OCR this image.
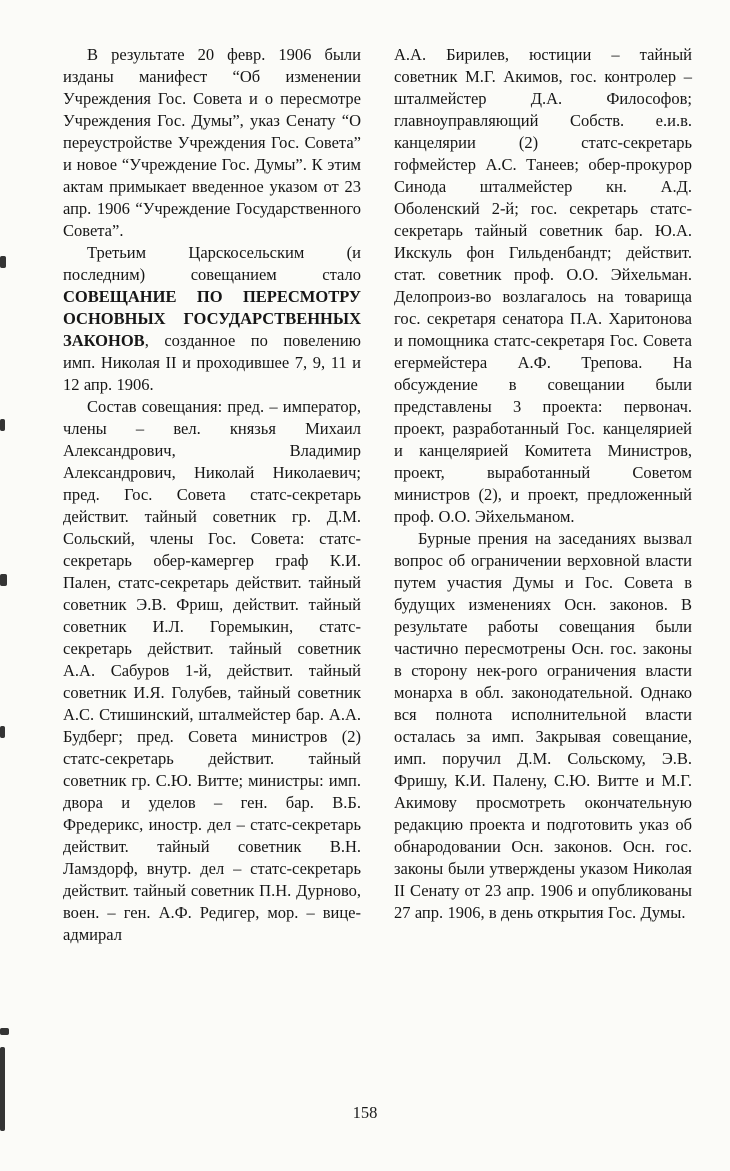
В результате 20 февр. 1906 были изданы манифест “Об изменении Учреждения Гос. Совета и о пересмотре Учреждения Гос. Думы”, указ Сенату “О переустройстве Учреждения Гос. Совета” и новое “Учреждение Гос. Думы”. К этим актам примыкает введенное указом от 23 апр. 1906 “Учреждение Государственного Совета”.

Третьим Царскосельским (и последним) совещанием стало СОВЕЩАНИЕ ПО ПЕРЕСМОТРУ ОСНОВНЫХ ГОСУДАРСТВЕННЫХ ЗАКОНОВ, созданное по повелению имп. Николая II и проходившее 7, 9, 11 и 12 апр. 1906.

Состав совещания: пред. – император, члены – вел. князья Михаил Александрович, Владимир Александрович, Николай Николаевич; пред. Гос. Совета статс-секретарь действит. тайный советник гр. Д.М. Сольский, члены Гос. Совета: статс-секретарь обер-камергер граф К.И. Пален, статс-секретарь действит. тайный советник Э.В. Фриш, действит. тайный советник И.Л. Горемыкин, статс-секретарь действит. тайный советник А.А. Сабуров 1-й, действит. тайный советник И.Я. Голубев, тайный советник А.С. Стишинский, шталмейстер бар. А.А. Будберг; пред. Совета министров (2) статс-секретарь действит. тайный советник гр. С.Ю. Витте; министры: имп. двора и уделов – ген. бар. В.Б. Фредерикс, иностр. дел – статс-секретарь действит. тайный советник В.Н. Ламздорф, внутр. дел – статс-секретарь действит. тайный советник П.Н. Дурново, воен. – ген. А.Ф. Редигер, мор. – вице-адмирал

А.А. Бирилев, юстиции – тайный советник М.Г. Акимов, гос. контролер – шталмейстер Д.А. Философов; главноуправляющий Собств. е.и.в. канцелярии (2) статс-секретарь гофмейстер А.С. Танеев; обер-прокурор Синода шталмейстер кн. А.Д. Оболенский 2-й; гос. секретарь статс-секретарь тайный советник бар. Ю.А. Икскуль фон Гильденбандт; действит. стат. советник проф. О.О. Эйхельман. Делопроиз-во возлагалось на товарища гос. секретаря сенатора П.А. Харитонова и помощника статс-секретаря Гос. Совета егермейстера А.Ф. Трепова. На обсуждение в совещании были представлены 3 проекта: первонач. проект, разработанный Гос. канцелярией и канцелярией Комитета Министров, проект, выработанный Советом министров (2), и проект, предложенный проф. О.О. Эйхельманом.

Бурные прения на заседаниях вызвал вопрос об ограничении верховной власти путем участия Думы и Гос. Совета в будущих изменениях Осн. законов. В результате работы совещания были частично пересмотрены Осн. гос. законы в сторону нек-рого ограничения власти монарха в обл. законодательной. Однако вся полнота исполнительной власти осталась за имп. Закрывая совещание, имп. поручил Д.М. Сольскому, Э.В. Фришу, К.И. Палену, С.Ю. Витте и М.Г. Акимову просмотреть окончательную редакцию проекта и подготовить указ об обнародовании Осн. законов. Осн. гос. законы были утверждены указом Николая II Сенату от 23 апр. 1906 и опубликованы 27 апр. 1906, в день открытия Гос. Думы.

158
